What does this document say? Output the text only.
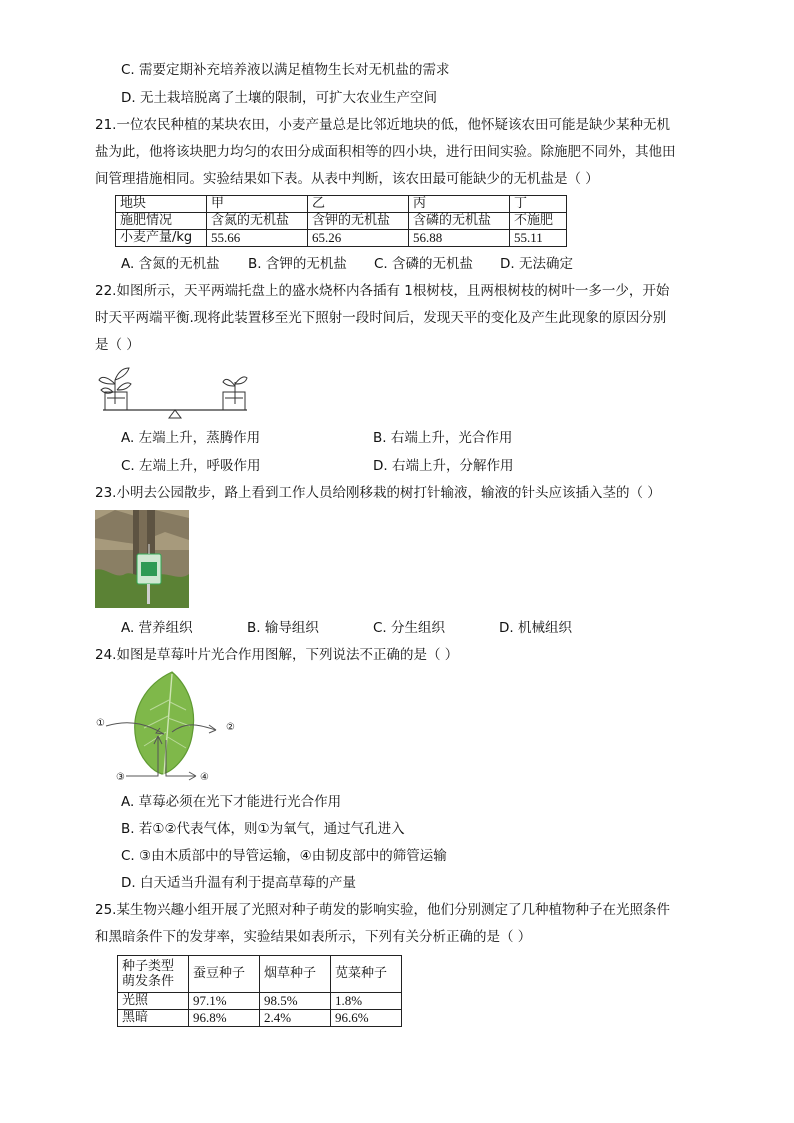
C. 需要定期补充培养液以满足植物生长对无机盐的需求
D. 无土栽培脱离了土壤的限制，可扩大农业生产空间
21.一位农民种植的某块农田，小麦产量总是比邻近地块的低，他怀疑该农田可能是缺少某种无机
盐为此，他将该块肥力均匀的农田分成面积相等的四小块，进行田间实验。除施肥不同外，其他田
间管理措施相同。实验结果如下表。从表中判断，该农田最可能缺少的无机盐是（ ）
地块	甲	乙	丙	丁
施肥情况	含氮的无机盐	含钾的无机盐	含磷的无机盐	不施肥
小麦产量/kg	55.66	65.26	56.88	55.11
A. 含氮的无机盐 B. 含钾的无机盐 C. 含磷的无机盐 D. 无法确定
22.如图所示，天平两端托盘上的盛水烧杯内各插有 1根树枝，且两根树枝的树叶一多一少，开始
时天平两端平衡.现将此装置移至光下照射一段时间后，发现天平的变化及产生此现象的原因分别
是（ ）
A. 左端上升，蒸腾作用	B. 右端上升，光合作用
C. 左端上升，呼吸作用	D. 右端上升，分解作用
23.小明去公园散步，路上看到工作人员给刚移栽的树打针输液，输液的针头应该插入茎的（ ）
A. 营养组织	B. 输导组织	C. 分生组织	D. 机械组织
24.如图是草莓叶片光合作用图解，下列说法不正确的是（ ）
①	②
③	④
A. 草莓必须在光下才能进行光合作用
B. 若①②代表气体，则①为氧气，通过气孔进入
C. ③由木质部中的导管运输，④由韧皮部中的筛管运输
D. 白天适当升温有利于提高草莓的产量
25.某生物兴趣小组开展了光照对种子萌发的影响实验，他们分别测定了几种植物种子在光照条件
和黑暗条件下的发芽率，实验结果如表所示，下列有关分析正确的是（ ）
种子类型
萌发条件	蚕豆种子	烟草种子	苋菜种子
光照	97.1%	98.5%	1.8%
黑暗	96.8%	2.4%	96.6%
